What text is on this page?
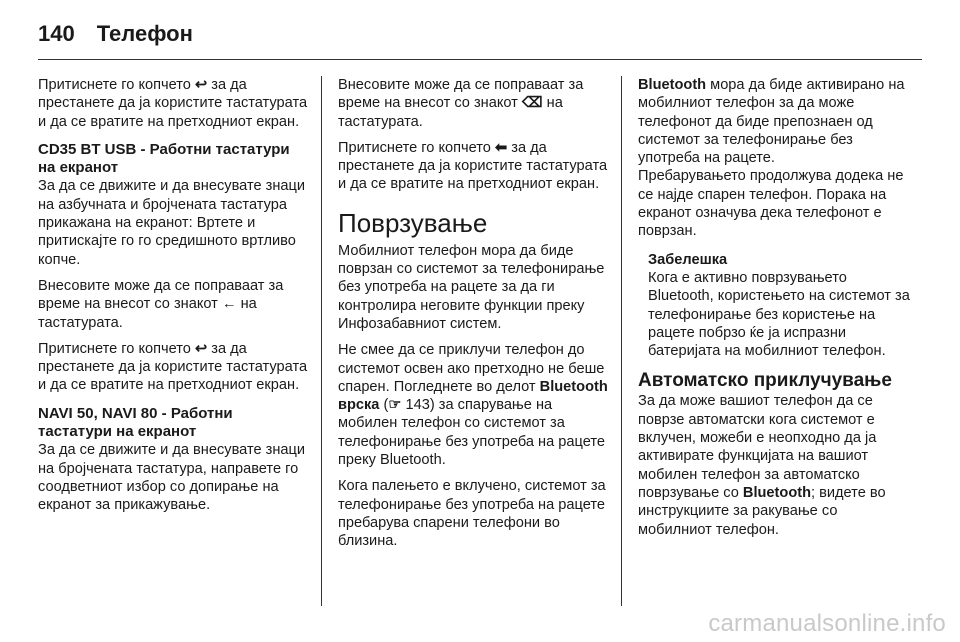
140 Телефон

Притиснете го копчето ↩ за да престанете да ја користите тастатурата и да се вратите на претходниот екран.

CD35 BT USB - Работни тастатури на екранот

За да се движите и да внесувате знаци на азбучната и бројчената тастатура прикажана на екранот: Вртете и притискајте го го средишното вртливо копче.

Внесовите може да се поправаат за време на внесот со знакот ← на тастатурата.

Притиснете го копчето ↩ за да престанете да ја користите тастатурата и да се вратите на претходниот екран.

NAVI 50, NAVI 80 - Работни тастатури на екранот

За да се движите и да внесувате знаци на бројчената тастатура, направете го соодветниот избор со допирање на екранот за прикажување.

Внесовите може да се поправаат за време на внесот со знакот ⌫ на тастатурата.

Притиснете го копчето ⬅ за да престанете да ја користите тастатурата и да се вратите на претходниот екран.

Поврзување

Мобилниот телефон мора да биде поврзан со системот за телефонирање без употреба на рацете за да ги контролира неговите функции преку Инфозабавниот систем.

Не смее да се приклучи телефон до системот освен ако претходно не беше спарен. Погледнете во делот Bluetooth врска (☞ 143) за спарување на мобилен телефон со системот за телефонирање без употреба на рацете преку Bluetooth.

Кога палењето е вклучено, системот за телефонирање без употреба на рацете пребарува спарени телефони во близина.

Bluetooth мора да биде активирано на мобилниот телефон за да може телефонот да биде препознаен од системот за телефонирање без употреба на рацете.

Пребарувањето продолжува додека не се најде спарен телефон. Порака на екранот означува дека телефонот е поврзан.

Забелешка
Кога е активно поврзувањето Bluetooth, користењето на системот за телефонирање без користење на рацете побрзо ќе ја испразни батеријата на мобилниот телефон.
Автоматско приклучување

За да може вашиот телефон да се поврзе автоматски кога системот е вклучен, можеби е неопходно да ја активирате функцијата на вашиот мобилен телефон за автоматско поврзување со Bluetooth; видете во инструкциите за ракување со мобилниот телефон.

carmanualsonline.info
